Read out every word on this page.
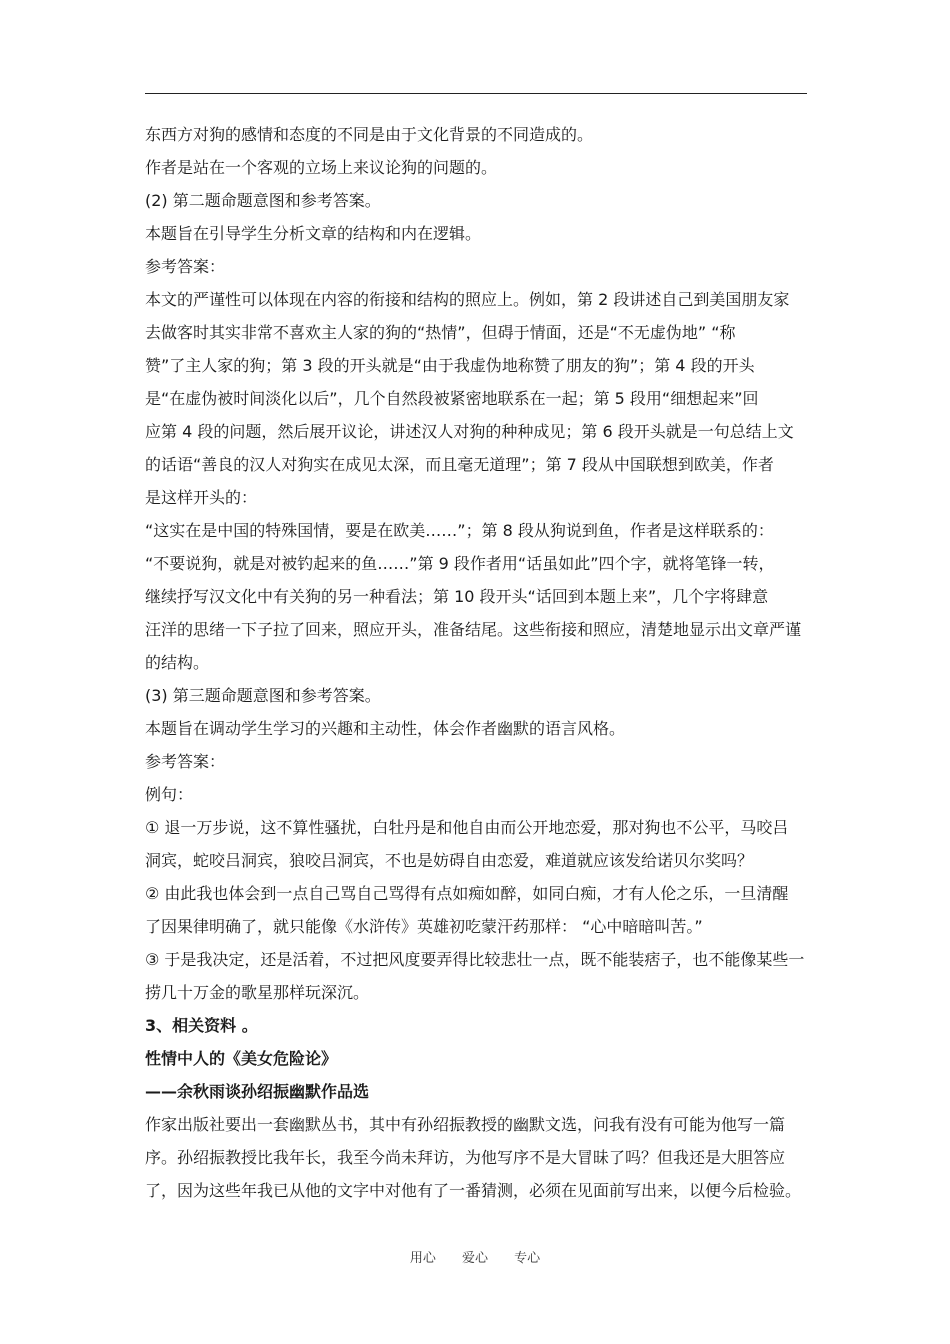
东西方对狗的感情和态度的不同是由于文化背景的不同造成的。
作者是站在一个客观的立场上来议论狗的问题的。
(2) 第二题命题意图和参考答案。
本题旨在引导学生分析文章的结构和内在逻辑。
参考答案：
本文的严谨性可以体现在内容的衔接和结构的照应上。例如，第 2 段讲述自己到美国朋友家
去做客时其实非常不喜欢主人家的狗的“热情”，但碍于情面，还是“不无虚伪地” “称
赞”了主人家的狗；第 3 段的开头就是“由于我虚伪地称赞了朋友的狗”；第 4 段的开头
是“在虚伪被时间淡化以后”，几个自然段被紧密地联系在一起；第 5 段用“细想起来”回
应第 4 段的问题，然后展开议论，讲述汉人对狗的种种成见；第 6 段开头就是一句总结上文
的话语“善良的汉人对狗实在成见太深，而且毫无道理”；第 7 段从中国联想到欧美，作者
是这样开头的：
“这实在是中国的特殊国情，要是在欧美……”；第 8 段从狗说到鱼，作者是这样联系的：
“不要说狗，就是对被钓起来的鱼……”第 9 段作者用“话虽如此”四个字，就将笔锋一转，
继续抒写汉文化中有关狗的另一种看法；第 10 段开头“话回到本题上来”，几个字将肆意
汪洋的思绪一下子拉了回来，照应开头，准备结尾。这些衔接和照应，清楚地显示出文章严谨
的结构。
(3) 第三题命题意图和参考答案。
本题旨在调动学生学习的兴趣和主动性，体会作者幽默的语言风格。
参考答案：
例句：
① 退一万步说，这不算性骚扰，白牡丹是和他自由而公开地恋爱，那对狗也不公平，马咬吕
洞宾，蛇咬吕洞宾，狼咬吕洞宾，不也是妨碍自由恋爱，难道就应该发给诺贝尔奖吗？
② 由此我也体会到一点自己骂自己骂得有点如痴如醉，如同白痴，才有人伦之乐，一旦清醒
了因果律明确了，就只能像《水浒传》英雄初吃蒙汗药那样： “心中暗暗叫苦。”
③ 于是我决定，还是活着，不过把风度要弄得比较悲壮一点，既不能装痞子，也不能像某些一
捞几十万金的歌星那样玩深沉。
3、相关资料 。
性情中人的《美女危险论》
——余秋雨谈孙绍振幽默作品选
作家出版社要出一套幽默丛书，其中有孙绍振教授的幽默文选，问我有没有可能为他写一篇
序。孙绍振教授比我年长，我至今尚未拜访，为他写序不是大冒昧了吗？但我还是大胆答应
了，因为这些年我已从他的文字中对他有了一番猜测，必须在见面前写出来，以便今后检验。
用心 爱心 专心
